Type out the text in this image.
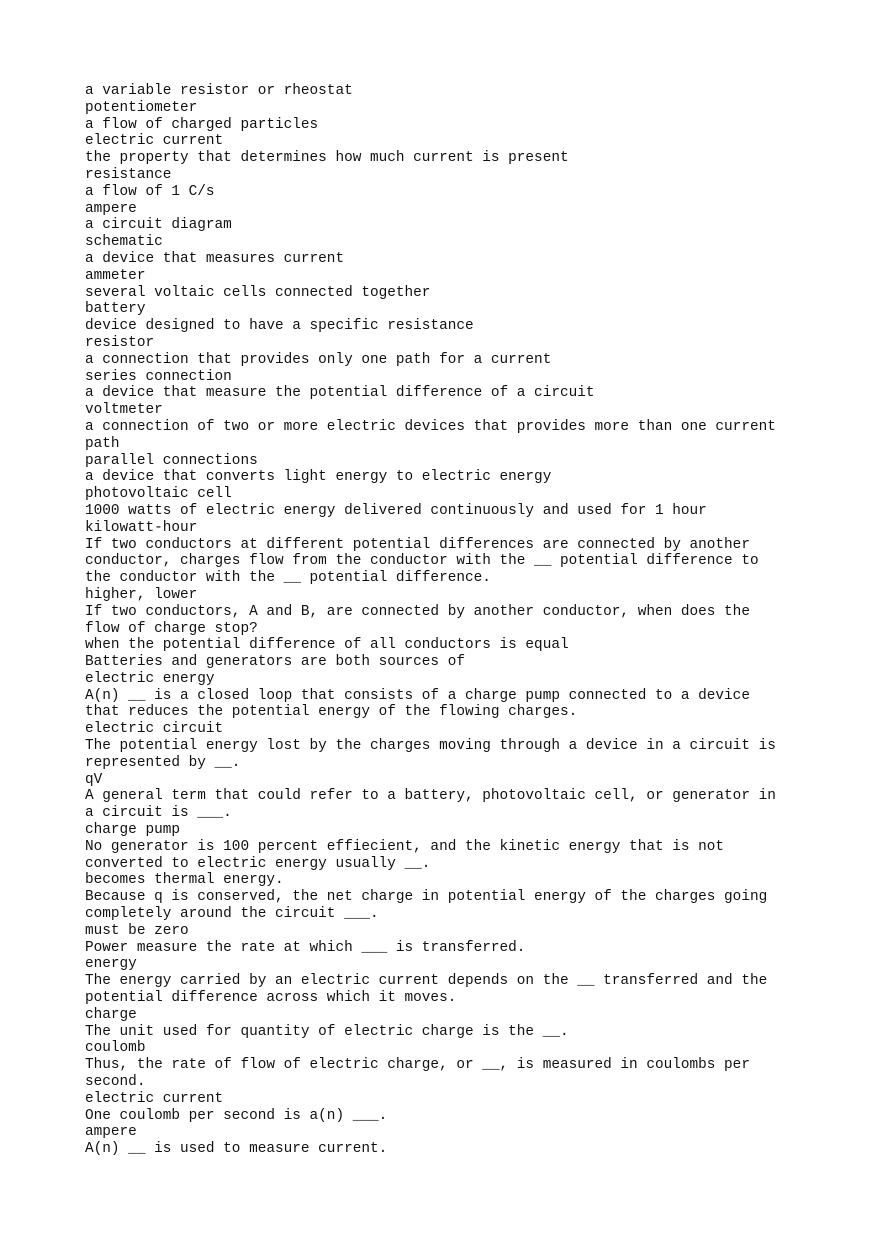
a variable resistor or rheostat
potentiometer
a flow of charged particles
electric current
the property that determines how much current is present
resistance
a flow of 1 C/s
ampere
a circuit diagram
schematic
a device that measures current
ammeter
several voltaic cells connected together
battery
device designed to have a specific resistance
resistor
a connection that provides only one path for a current
series connection
a device that measure the potential difference of a circuit
voltmeter
a connection of two or more electric devices that provides more than one current
path
parallel connections
a device that converts light energy to electric energy
photovoltaic cell
1000 watts of electric energy delivered continuously and used for 1 hour
kilowatt-hour
If two conductors at different potential differences are connected by another
conductor, charges flow from the conductor with the __ potential difference to
the conductor with the __ potential difference.
higher, lower
If two conductors, A and B, are connected by another conductor, when does the
flow of charge stop?
when the potential difference of all conductors is equal
Batteries and generators are both sources of
electric energy
A(n) __ is a closed loop that consists of a charge pump connected to a device
that reduces the potential energy of the flowing charges.
electric circuit
The potential energy lost by the charges moving through a device in a circuit is
represented by __.
qV
A general term that could refer to a battery, photovoltaic cell, or generator in
a circuit is ___.
charge pump
No generator is 100 percent effiecient, and the kinetic energy that is not
converted to electric energy usually __.
becomes thermal energy.
Because q is conserved, the net charge in potential energy of the charges going
completely around the circuit ___.
must be zero
Power measure the rate at which ___ is transferred.
energy
The energy carried by an electric current depends on the __ transferred and the
potential difference across which it moves.
charge
The unit used for quantity of electric charge is the __.
coulomb
Thus, the rate of flow of electric charge, or __, is measured in coulombs per
second.
electric current
One coulomb per second is a(n) ___.
ampere
A(n) __ is used to measure current.
